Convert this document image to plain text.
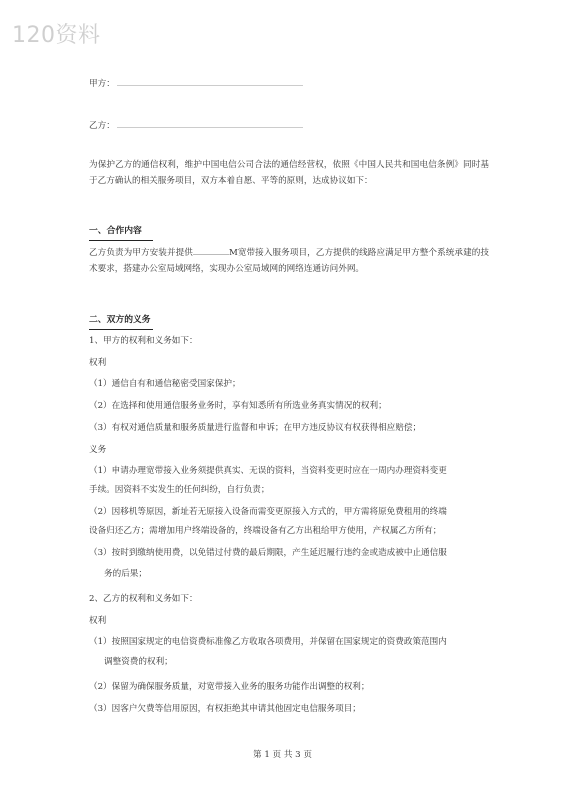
120资料
甲方：
乙方：
为保护乙方的通信权利，维护中国电信公司合法的通信经营权，依照《中国人民共和国电信条例》同时基于乙方确认的相关服务项目，双方本着自愿、平等的原则，达成协议如下：
一、合作内容
乙方负责为甲方安装并提供	M宽带接入服务项目，乙方提供的线路应满足甲方整个系统承建的技术要求，搭建办公室局域网络，实现办公室局域网的网络连通访问外网。
二、双方的义务
1、甲方的权利和义务如下：
权利
（1）通信自有和通信秘密受国家保护；
（2）在选择和使用通信服务业务时，享有知悉所有所选业务真实情况的权利；
（3）有权对通信质量和服务质量进行监督和申诉；在甲方违反协议有权获得相应赔偿；
义务
（1）申请办理宽带接入业务须提供真实、无误的资料，当资料变更时应在一周内办理资料变更
手续。因资料不实发生的任何纠纷，自行负责；
（2）因移机等原因，新址若无原接入设备而需变更原接入方式的，甲方需将原免费租用的终端
设备归还乙方；需增加用户终端设备的，终端设备有乙方出租给甲方使用，产权属乙方所有；
（3）按时到缴纳使用费，以免错过付费的最后期限，产生延迟履行违约金或造成被中止通信服
务的后果；
2、乙方的权利和义务如下：
权利
（1）按照国家规定的电信资费标准像乙方收取各项费用，并保留在国家规定的资费政策范围内
调整资费的权利；
（2）保留为确保服务质量，对宽带接入业务的服务功能作出调整的权利；
（3）因客户欠费等信用原因，有权拒绝其申请其他固定电信服务项目；
第 1 页 共 3 页
